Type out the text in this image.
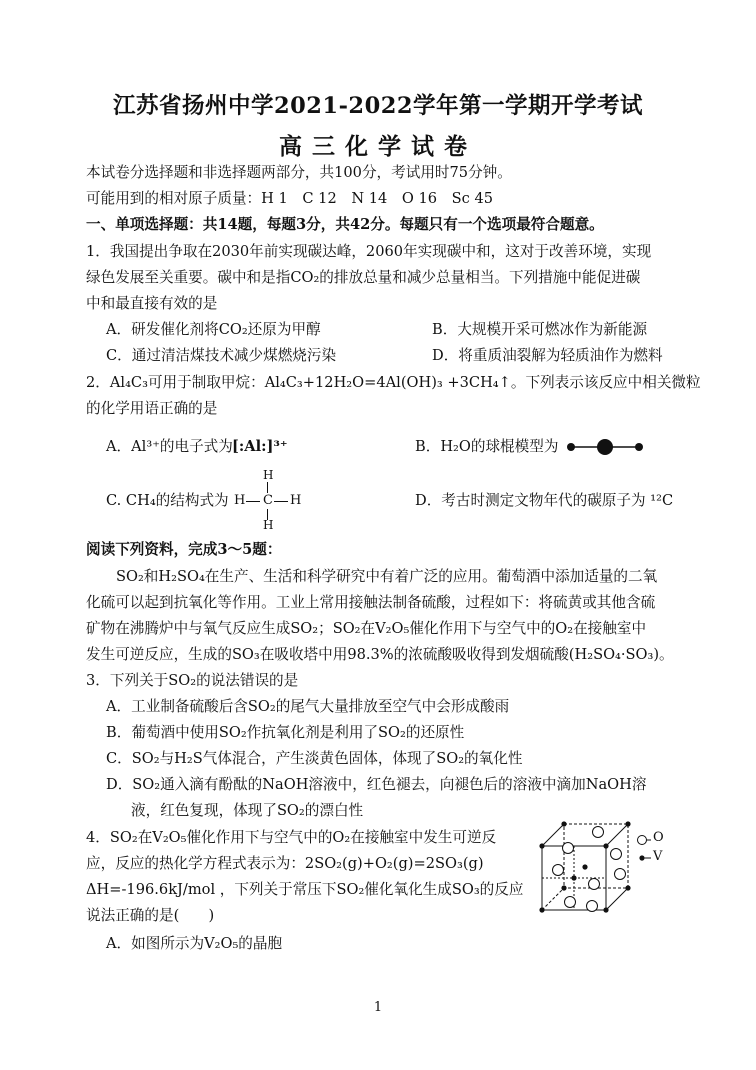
江苏省扬州中学2021-2022学年第一学期开学考试
高三化学试卷
本试卷分选择题和非选择题两部分，共100分，考试用时75分钟。
可能用到的相对原子质量：H 1　C 12　N 14　O 16　Sc 45
一、单项选择题：共14题，每题3分，共42分。每题只有一个选项最符合题意。
1．我国提出争取在2030年前实现碳达峰，2060年实现碳中和，这对于改善环境，实现
绿色发展至关重要。碳中和是指CO₂的排放总量和减少总量相当。下列措施中能促进碳
中和最直接有效的是
A．研发催化剂将CO₂还原为甲醇	B．大规模开采可燃冰作为新能源
C．通过清洁煤技术减少煤燃烧污染	D．将重质油裂解为轻质油作为燃料
2．Al₄C₃可用于制取甲烷：Al₄C₃+12H₂O=4Al(OH)₃ +3CH₄↑。下列表示该反应中相关微粒
的化学用语正确的是
A．Al³⁺的电子式为 [:Al:]³⁺	B．H₂O的球棍模型为
C. CH₄的结构式为
H
H C H
H
D．考古时测定文物年代的碳原子为 ¹²C
阅读下列资料，完成3～5题：
SO₂和H₂SO₄在生产、生活和科学研究中有着广泛的应用。葡萄酒中添加适量的二氧
化硫可以起到抗氧化等作用。工业上常用接触法制备硫酸，过程如下：将硫黄或其他含硫
矿物在沸腾炉中与氧气反应生成SO₂；SO₂在V₂O₅催化作用下与空气中的O₂在接触室中
发生可逆反应，生成的SO₃在吸收塔中用98.3%的浓硫酸吸收得到发烟硫酸(H₂SO₄·SO₃)。
3．下列关于SO₂的说法错误的是
A．工业制备硫酸后含SO₂的尾气大量排放至空气中会形成酸雨
B．葡萄酒中使用SO₂作抗氧化剂是利用了SO₂的还原性
C．SO₂与H₂S气体混合，产生淡黄色固体，体现了SO₂的氧化性
D．SO₂通入滴有酚酞的NaOH溶液中，红色褪去，向褪色后的溶液中滴加NaOH溶
液，红色复现，体现了SO₂的漂白性
4．SO₂在V₂O₅催化作用下与空气中的O₂在接触室中发生可逆反
应，反应的热化学方程式表示为：2SO₂(g)+O₂(g)=2SO₃(g)
ΔH=-196.6kJ/mol ，下列关于常压下SO₂催化氧化生成SO₃的反应
说法正确的是(　　)
A．如图所示为V₂O₅的晶胞
O
V
1
